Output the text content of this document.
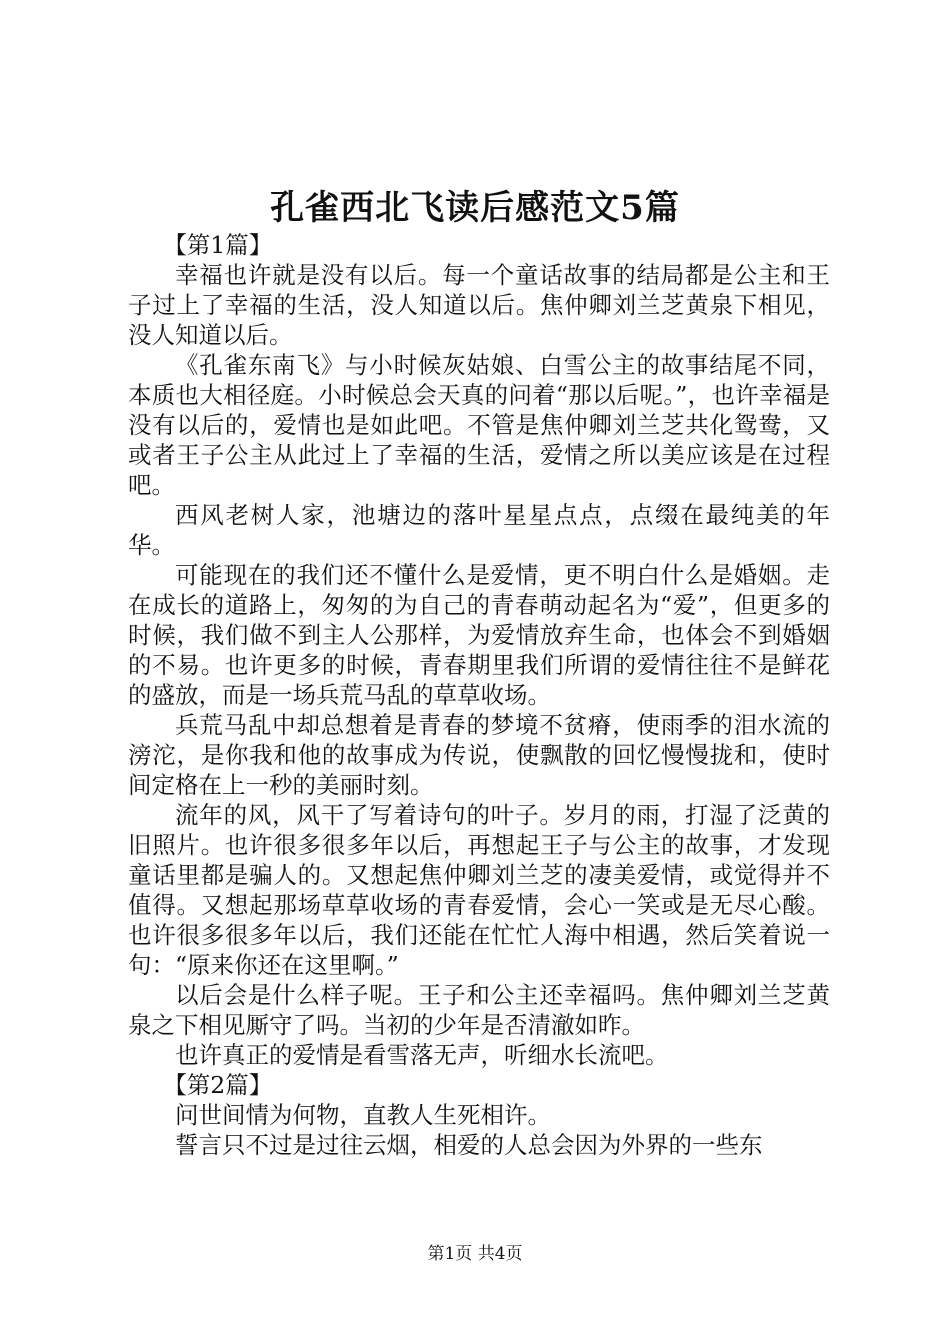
孔雀西北飞读后感范文5篇

【第1篇】

幸福也许就是没有以后。每一个童话故事的结局都是公主和王子过上了幸福的生活，没人知道以后。焦仲卿刘兰芝黄泉下相见，没人知道以后。

《孔雀东南飞》与小时候灰姑娘、白雪公主的故事结尾不同，本质也大相径庭。小时候总会天真的问着“那以后呢。”，也许幸福是没有以后的，爱情也是如此吧。不管是焦仲卿刘兰芝共化鸳鸯，又或者王子公主从此过上了幸福的生活，爱情之所以美应该是在过程吧。

西风老树人家，池塘边的落叶星星点点，点缀在最纯美的年华。

可能现在的我们还不懂什么是爱情，更不明白什么是婚姻。走在成长的道路上，匆匆的为自己的青春萌动起名为“爱”，但更多的时候，我们做不到主人公那样，为爱情放弃生命，也体会不到婚姻的不易。也许更多的时候，青春期里我们所谓的爱情往往不是鲜花的盛放，而是一场兵荒马乱的草草收场。

兵荒马乱中却总想着是青春的梦境不贫瘠，使雨季的泪水流的滂沱，是你我和他的故事成为传说，使飘散的回忆慢慢拢和，使时间定格在上一秒的美丽时刻。

流年的风，风干了写着诗句的叶子。岁月的雨，打湿了泛黄的旧照片。也许很多很多年以后，再想起王子与公主的故事，才发现童话里都是骗人的。又想起焦仲卿刘兰芝的凄美爱情，或觉得并不值得。又想起那场草草收场的青春爱情，会心一笑或是无尽心酸。也许很多很多年以后，我们还能在忙忙人海中相遇，然后笑着说一句：“原来你还在这里啊。”

以后会是什么样子呢。王子和公主还幸福吗。焦仲卿刘兰芝黄泉之下相见厮守了吗。当初的少年是否清澈如昨。

也许真正的爱情是看雪落无声，听细水长流吧。

【第2篇】

问世间情为何物，直教人生死相许。

誓言只不过是过往云烟，相爱的人总会因为外界的一些东

第1页 共4页
